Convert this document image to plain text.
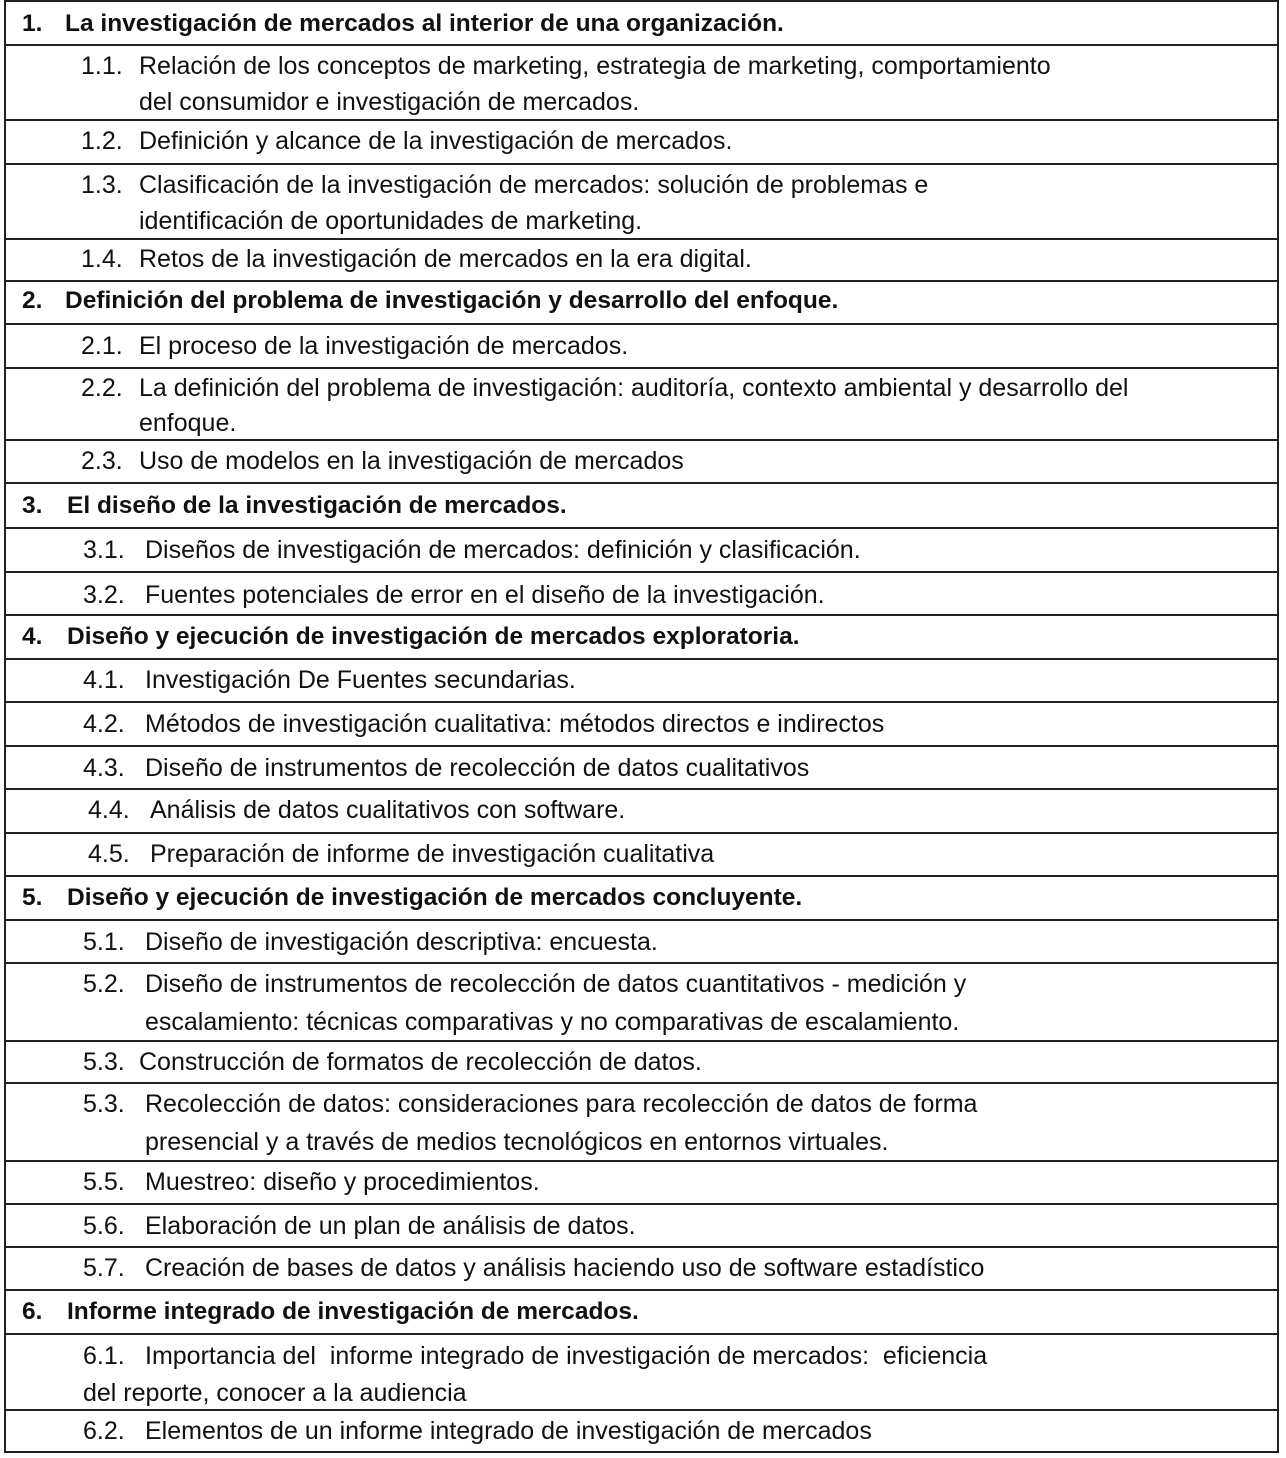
1. La investigación de mercados al interior de una organización.
1.1. Relación de los conceptos de marketing, estrategia de marketing, comportamiento
del consumidor e investigación de mercados.
1.2. Definición y alcance de la investigación de mercados.
1.3. Clasificación de la investigación de mercados: solución de problemas e
identificación de oportunidades de marketing.
1.4. Retos de la investigación de mercados en la era digital.
2. Definición del problema de investigación y desarrollo del enfoque.
2.1. El proceso de la investigación de mercados.
2.2. La definición del problema de investigación: auditoría, contexto ambiental y desarrollo del
enfoque.
2.3. Uso de modelos en la investigación de mercados
3. El diseño de la investigación de mercados.
3.1. Diseños de investigación de mercados: definición y clasificación.
3.2. Fuentes potenciales de error en el diseño de la investigación.
4. Diseño y ejecución de investigación de mercados exploratoria.
4.1. Investigación De Fuentes secundarias.
4.2. Métodos de investigación cualitativa: métodos directos e indirectos
4.3. Diseño de instrumentos de recolección de datos cualitativos
4.4. Análisis de datos cualitativos con software.
4.5. Preparación de informe de investigación cualitativa
5. Diseño y ejecución de investigación de mercados concluyente.
5.1. Diseño de investigación descriptiva: encuesta.
5.2. Diseño de instrumentos de recolección de datos cuantitativos - medición y
escalamiento: técnicas comparativas y no comparativas de escalamiento.
5.3. Construcción de formatos de recolección de datos.
5.3. Recolección de datos: consideraciones para recolección de datos de forma
presencial y a través de medios tecnológicos en entornos virtuales.
5.5. Muestreo: diseño y procedimientos.
5.6. Elaboración de un plan de análisis de datos.
5.7. Creación de bases de datos y análisis haciendo uso de software estadístico
6. Informe integrado de investigación de mercados.
6.1. Importancia del  informe integrado de investigación de mercados:  eficiencia
del reporte, conocer a la audiencia
6.2. Elementos de un informe integrado de investigación de mercados
